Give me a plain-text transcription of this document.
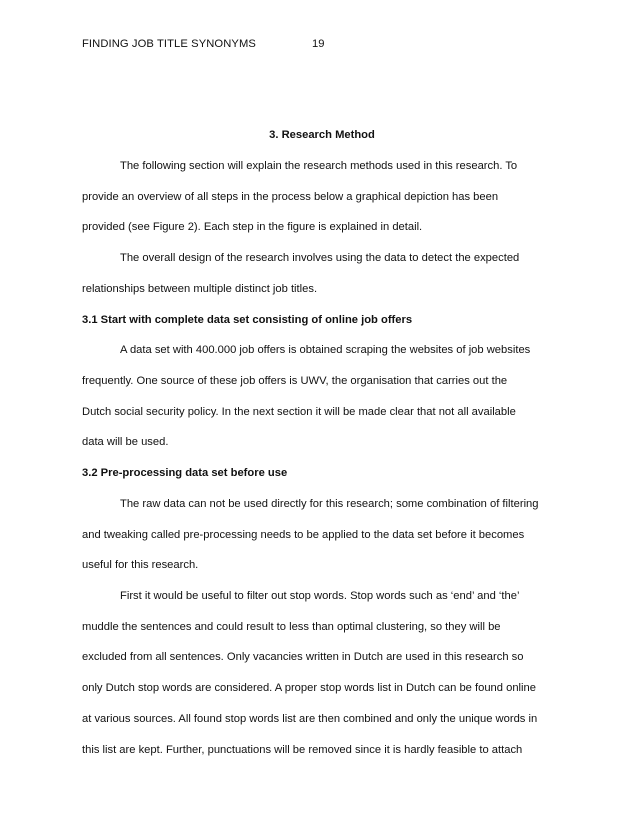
FINDING JOB TITLE SYNONYMS	19
3. Research Method
The following section will explain the research methods used in this research. To
provide an overview of all steps in the process below a graphical depiction has been
provided (see Figure 2). Each step in the figure is explained in detail.
The overall design of the research involves using the data to detect the expected
relationships between multiple distinct job titles.
3.1 Start with complete data set consisting of online job offers
A data set with 400.000 job offers is obtained scraping the websites of job websites
frequently. One source of these job offers is UWV, the organisation that carries out the
Dutch social security policy. In the next section it will be made clear that not all available
data will be used.
3.2 Pre-processing data set before use
The raw data can not be used directly for this research; some combination of filtering
and tweaking called pre-processing needs to be applied to the data set before it becomes
useful for this research.
First it would be useful to filter out stop words. Stop words such as ‘end’ and ‘the’
muddle the sentences and could result to less than optimal clustering, so they will be
excluded from all sentences. Only vacancies written in Dutch are used in this research so
only Dutch stop words are considered. A proper stop words list in Dutch can be found online
at various sources. All found stop words list are then combined and only the unique words in
this list are kept. Further, punctuations will be removed since it is hardly feasible to attach
